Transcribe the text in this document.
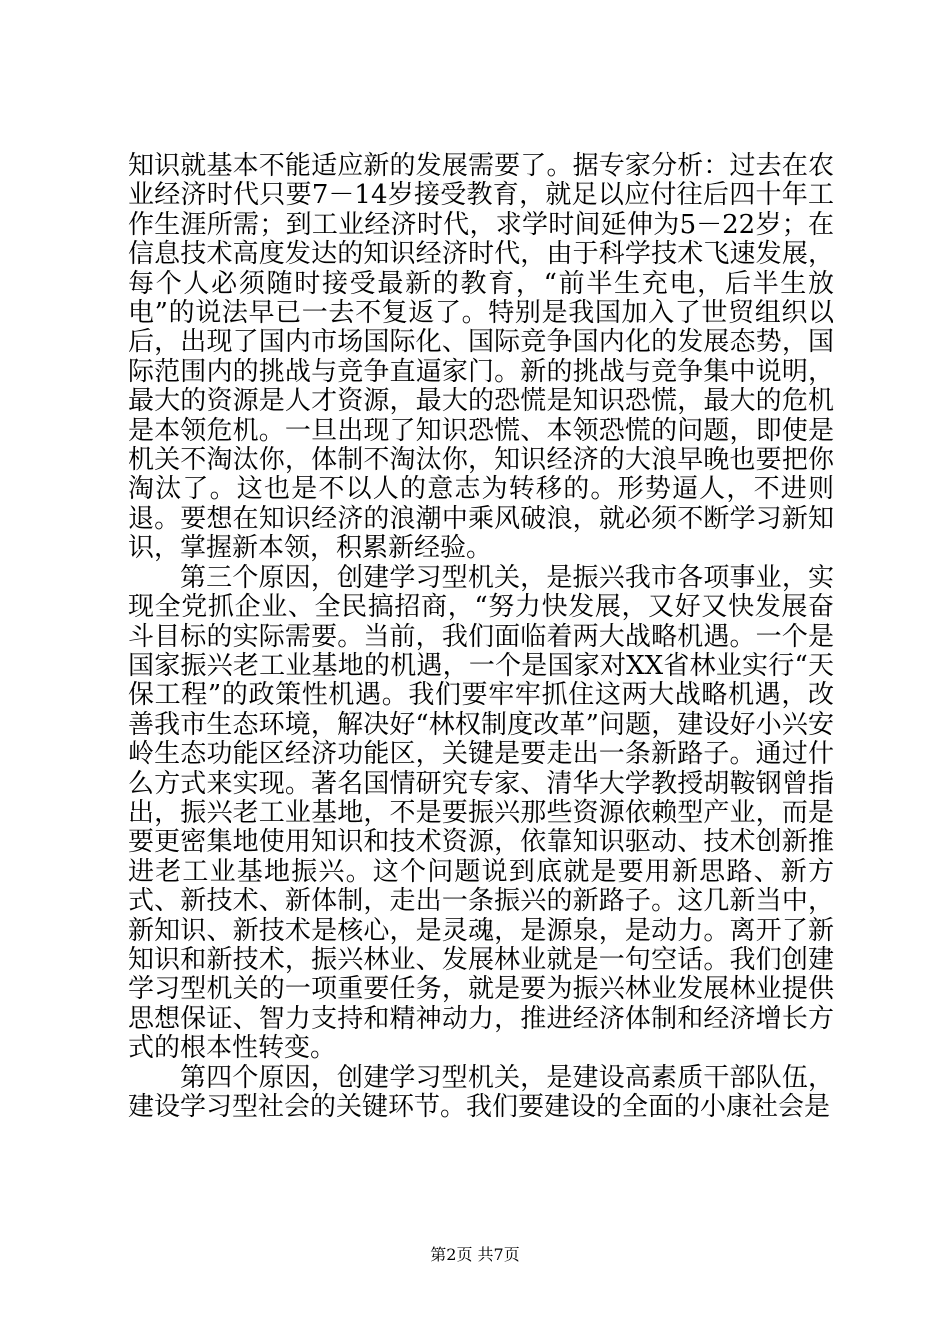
知识就基本不能适应新的发展需要了。据专家分析：过去在农业经济时代只要7－14岁接受教育，就足以应付往后四十年工作生涯所需；到工业经济时代，求学时间延伸为5－22岁；在信息技术高度发达的知识经济时代，由于科学技术飞速发展，每个人必须随时接受最新的教育，“前半生充电，后半生放电”的说法早已一去不复返了。特别是我国加入了世贸组织以后，出现了国内市场国际化、国际竞争国内化的发展态势，国际范围内的挑战与竞争直逼家门。新的挑战与竞争集中说明，最大的资源是人才资源，最大的恐慌是知识恐慌，最大的危机是本领危机。一旦出现了知识恐慌、本领恐慌的问题，即使是机关不淘汰你，体制不淘汰你，知识经济的大浪早晚也要把你淘汰了。这也是不以人的意志为转移的。形势逼人，不进则退。要想在知识经济的浪潮中乘风破浪，就必须不断学习新知识，掌握新本领，积累新经验。

第三个原因，创建学习型机关，是振兴我市各项事业，实现全党抓企业、全民搞招商，“努力快发展，又好又快发展奋斗目标的实际需要。当前，我们面临着两大战略机遇。一个是国家振兴老工业基地的机遇，一个是国家对XX省林业实行“天保工程”的政策性机遇。我们要牢牢抓住这两大战略机遇，改善我市生态环境，解决好“林权制度改革”问题，建设好小兴安岭生态功能区经济功能区，关键是要走出一条新路子。通过什么方式来实现。著名国情研究专家、清华大学教授胡鞍钢曾指出，振兴老工业基地，不是要振兴那些资源依赖型产业，而是要更密集地使用知识和技术资源，依靠知识驱动、技术创新推进老工业基地振兴。这个问题说到底就是要用新思路、新方式、新技术、新体制，走出一条振兴的新路子。这几新当中，新知识、新技术是核心，是灵魂，是源泉，是动力。离开了新知识和新技术，振兴林业、发展林业就是一句空话。我们创建学习型机关的一项重要任务，就是要为振兴林业发展林业提供思想保证、智力支持和精神动力，推进经济体制和经济增长方式的根本性转变。

第四个原因，创建学习型机关，是建设高素质干部队伍，建设学习型社会的关键环节。我们要建设的全面的小康社会是

第2页 共7页
